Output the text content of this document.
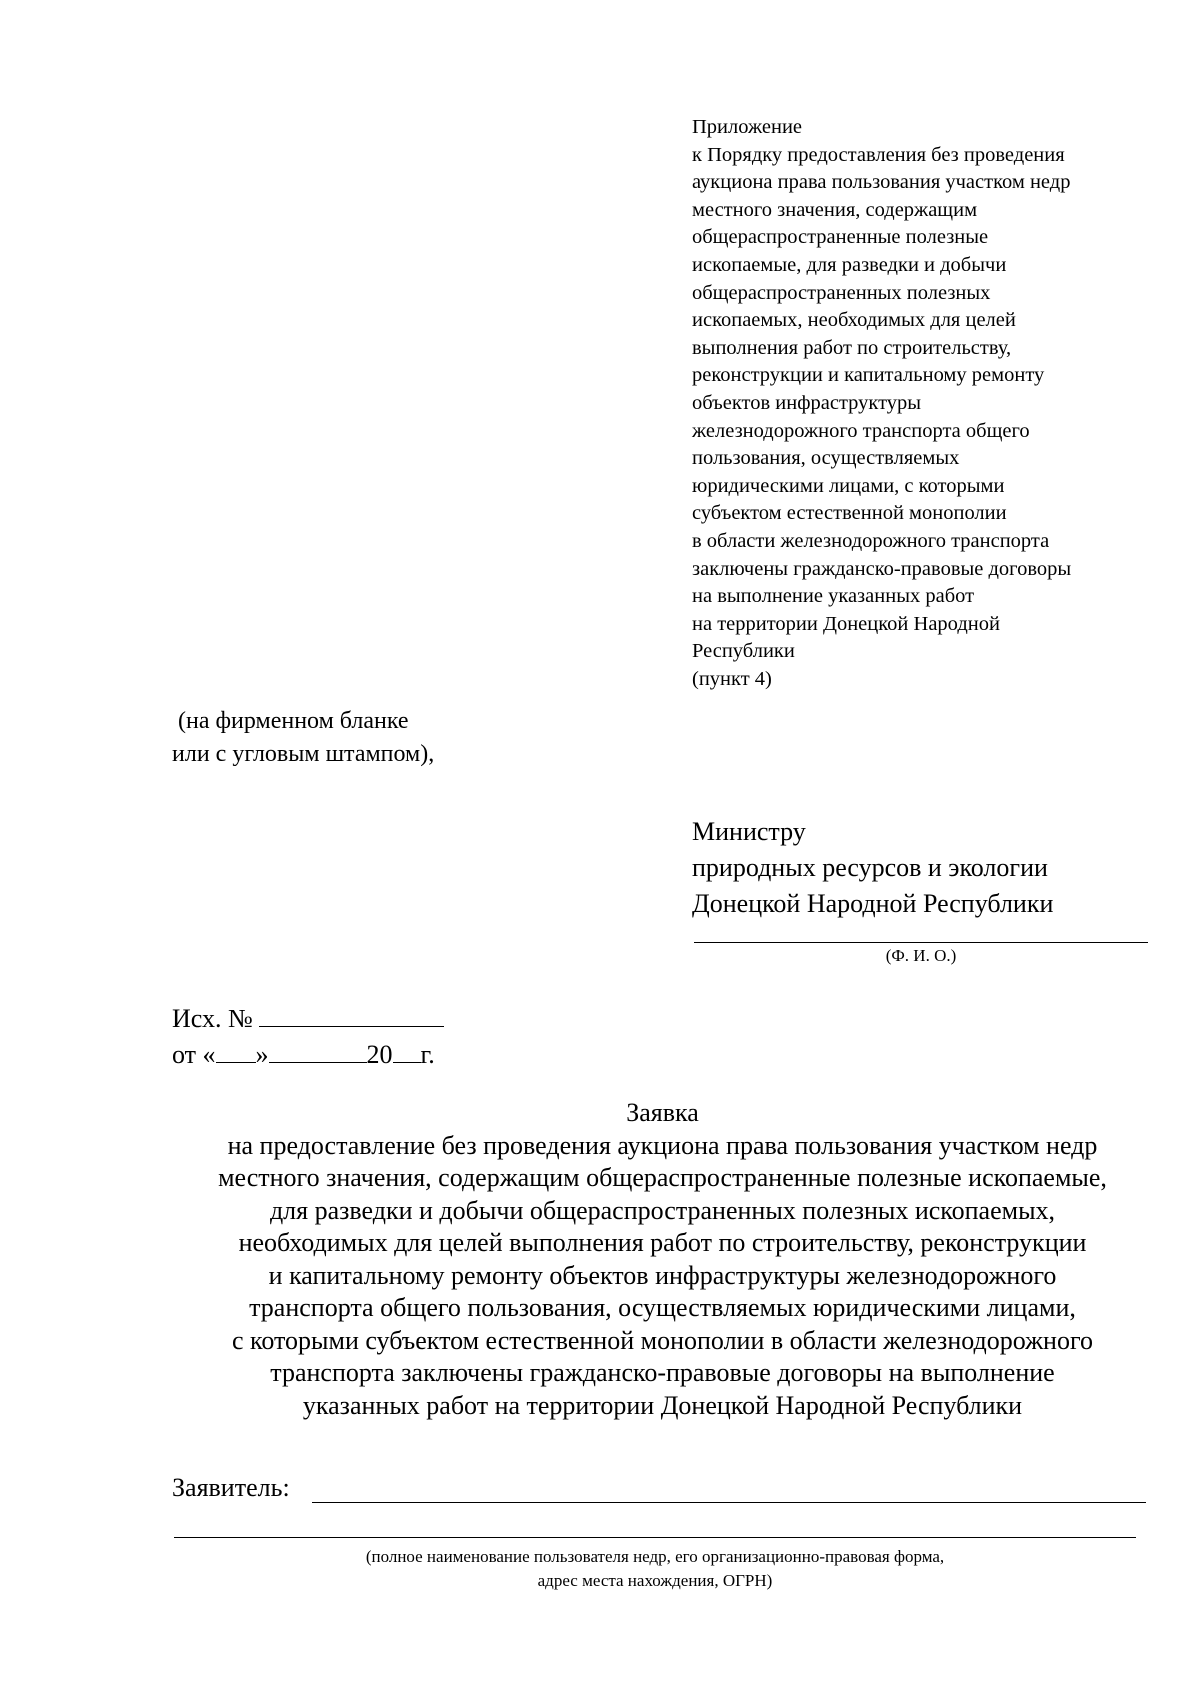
Приложение
к Порядку предоставления без проведения
аукциона права пользования участком недр
местного значения, содержащим
общераспространенные полезные
ископаемые, для разведки и добычи
общераспространенных полезных
ископаемых, необходимых для целей
выполнения работ по строительству,
реконструкции и капитальному ремонту
объектов инфраструктуры
железнодорожного транспорта общего
пользования, осуществляемых
юридическими лицами, с которыми
субъектом естественной монополии
в области железнодорожного транспорта
заключены гражданско-правовые договоры
на выполнение указанных работ
на территории Донецкой Народной
Республики
(пункт 4)
(на фирменном бланке
или с угловым штампом),
Министру
природных ресурсов и экологии
Донецкой Народной Республики
(Ф. И. О.)
Исх. №
от « »	20 г.
Заявка
на предоставление без проведения аукциона права пользования участком недр
местного значения, содержащим общераспространенные полезные ископаемые,
для разведки и добычи общераспространенных полезных ископаемых,
необходимых для целей выполнения работ по строительству, реконструкции
и капитальному ремонту объектов инфраструктуры железнодорожного
транспорта общего пользования, осуществляемых юридическими лицами,
с которыми субъектом естественной монополии в области железнодорожного
транспорта заключены гражданско-правовые договоры на выполнение
указанных работ на территории Донецкой Народной Республики
Заявитель:
(полное наименование пользователя недр, его организационно-правовая форма,
адрес места нахождения, ОГРН)
